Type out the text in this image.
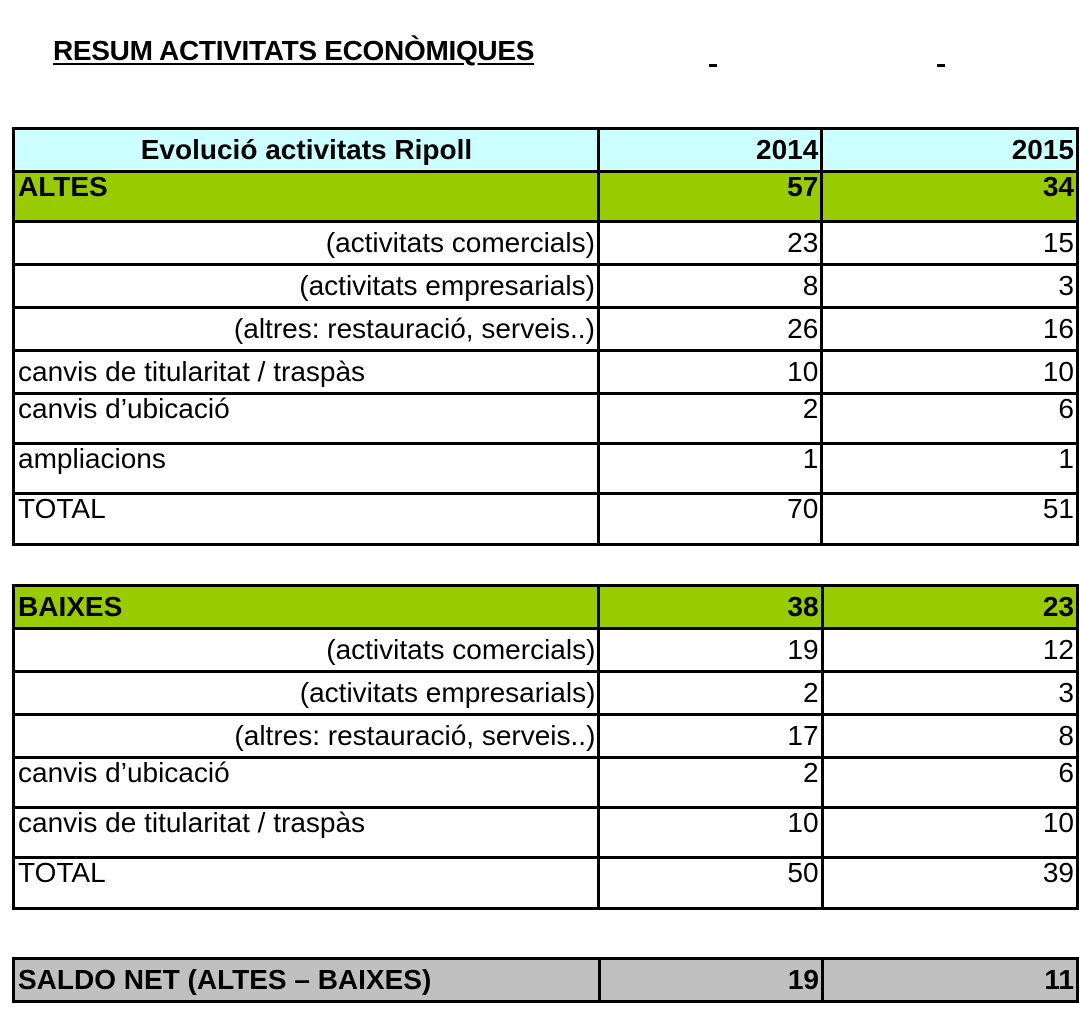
RESUM ACTIVITATS ECONÒMIQUES
Evolució activitats Ripoll	2014	2015
ALTES	57	34
(activitats comercials)	23	15
(activitats empresarials)	8	3
(altres: restauració, serveis..)	26	16
canvis de titularitat / traspàs	10	10
canvis d’ubicació	2	6
ampliacions	1	1
TOTAL	70	51
BAIXES	38	23
(activitats comercials)	19	12
(activitats empresarials)	2	3
(altres: restauració, serveis..)	17	8
canvis d’ubicació	2	6
canvis de titularitat / traspàs	10	10
TOTAL	50	39
SALDO NET (ALTES – BAIXES)	19	11
